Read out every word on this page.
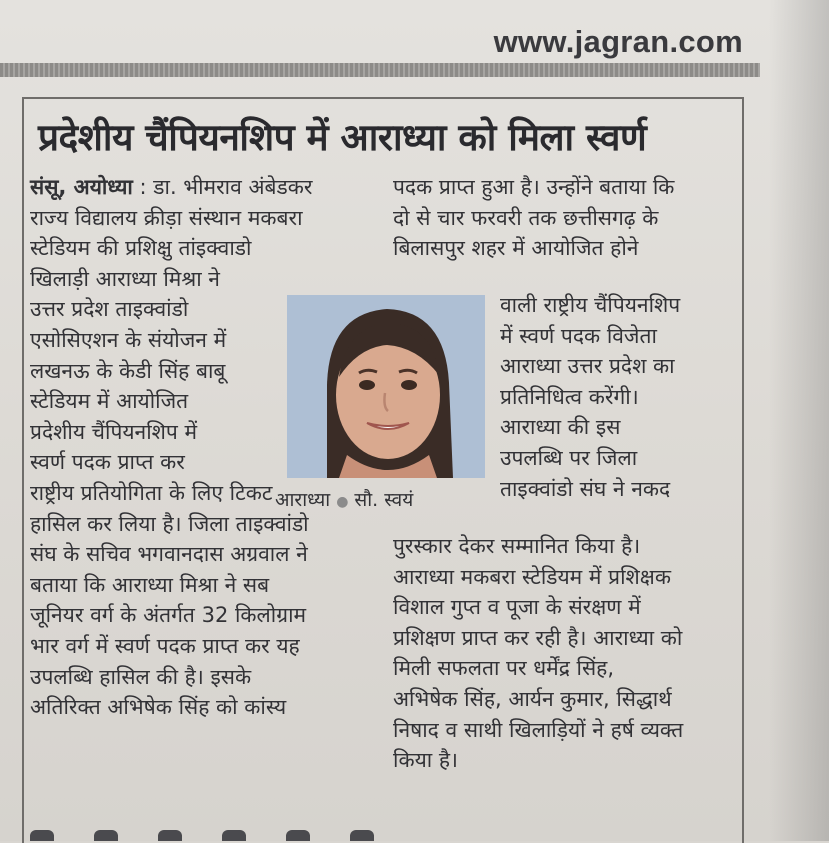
www.jagran.com
प्रदेशीय चैंपियनशिप में आराध्या को मिला स्वर्ण
संसू, अयोध्या : डा. भीमराव अंबेडकर
राज्य विद्यालय क्रीड़ा संस्थान मकबरा
स्टेडियम की प्रशिक्षु तांइक्वाडो
खिलाड़ी आराध्या मिश्रा ने
उत्तर प्रदेश ताइक्वांडो
एसोसिएशन के संयोजन में
लखनऊ के केडी सिंह बाबू
स्टेडियम में आयोजित
प्रदेशीय चैंपियनशिप में
स्वर्ण पदक प्राप्त कर
राष्ट्रीय प्रतियोगिता के लिए टिकट
हासिल कर लिया है। जिला ताइक्वांडो
संघ के सचिव भगवानदास अग्रवाल ने
बताया कि आराध्या मिश्रा ने सब
जूनियर वर्ग के अंतर्गत 32 किलोग्राम
भार वर्ग में स्वर्ण पदक प्राप्त कर यह
उपलब्धि हासिल की है। इसके
अतिरिक्त अभिषेक सिंह को कांस्य
पदक प्राप्त हुआ है। उन्होंने बताया कि
दो से चार फरवरी तक छत्तीसगढ़ के
बिलासपुर शहर में आयोजित होने
वाली राष्ट्रीय चैंपियनशिप
में स्वर्ण पदक विजेता
आराध्या उत्तर प्रदेश का
प्रतिनिधित्व करेंगी।
आराध्या की इस
उपलब्धि पर जिला
ताइक्वांडो संघ ने नकद
पुरस्कार देकर सम्मानित किया है।
आराध्या मकबरा स्टेडियम में प्रशिक्षक
विशाल गुप्त व पूजा के संरक्षण में
प्रशिक्षण प्राप्त कर रही है। आराध्या को
मिली सफलता पर धर्मेंद्र सिंह,
अभिषेक सिंह, आर्यन कुमार, सिद्धार्थ
निषाद व साथी खिलाड़ियों ने हर्ष व्यक्त
किया है।
आराध्या ● सौ. स्वयं
